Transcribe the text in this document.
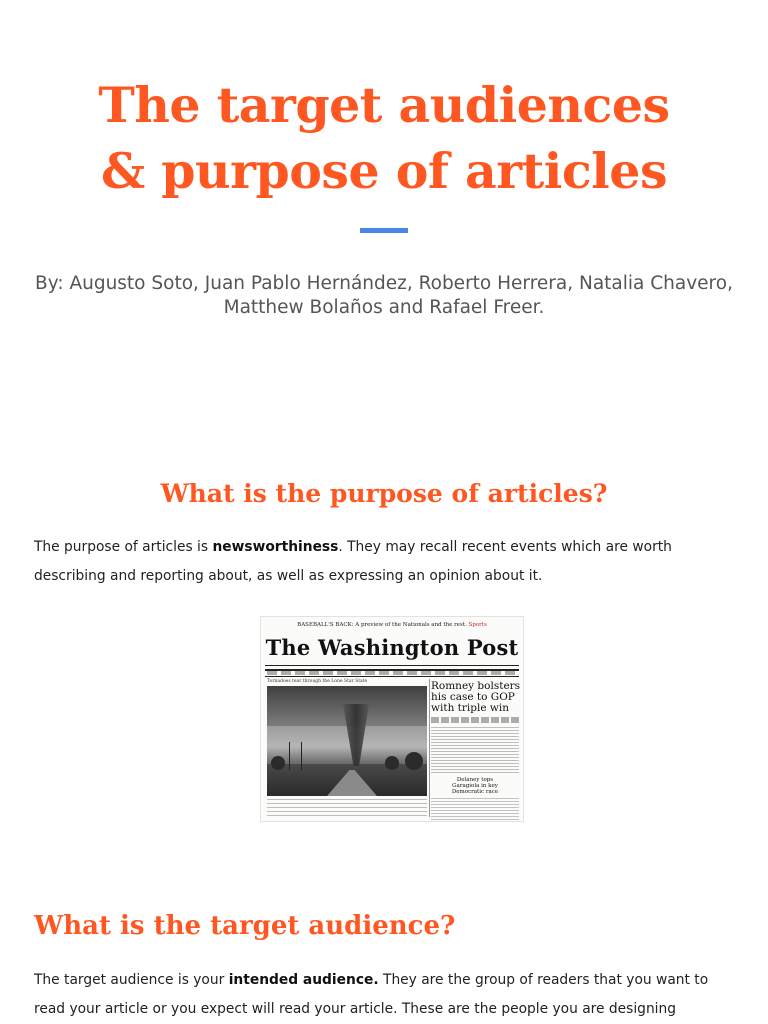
The target audiences
& purpose of articles

By: Augusto Soto, Juan Pablo Hernández, Roberto Herrera, Natalia Chavero, Matthew Bolaños and Rafael Freer.

What is the purpose of articles?

The purpose of articles is newsworthiness. They may recall recent events which are worth describing and reporting about, as well as expressing an opinion about it.

BASEBALL'S BACK: A preview of the Nationals and the rest. Sports
The Washington Post
Tornadoes tear through the Lone Star State	Romney bolsters
his case to GOP
with triple win
Delaney tops
Garagiola in key
Democratic race
What is the target audience?

The target audience is your intended audience. They are the group of readers that you want to read your article or you expect will read your article. These are the people you are designing
